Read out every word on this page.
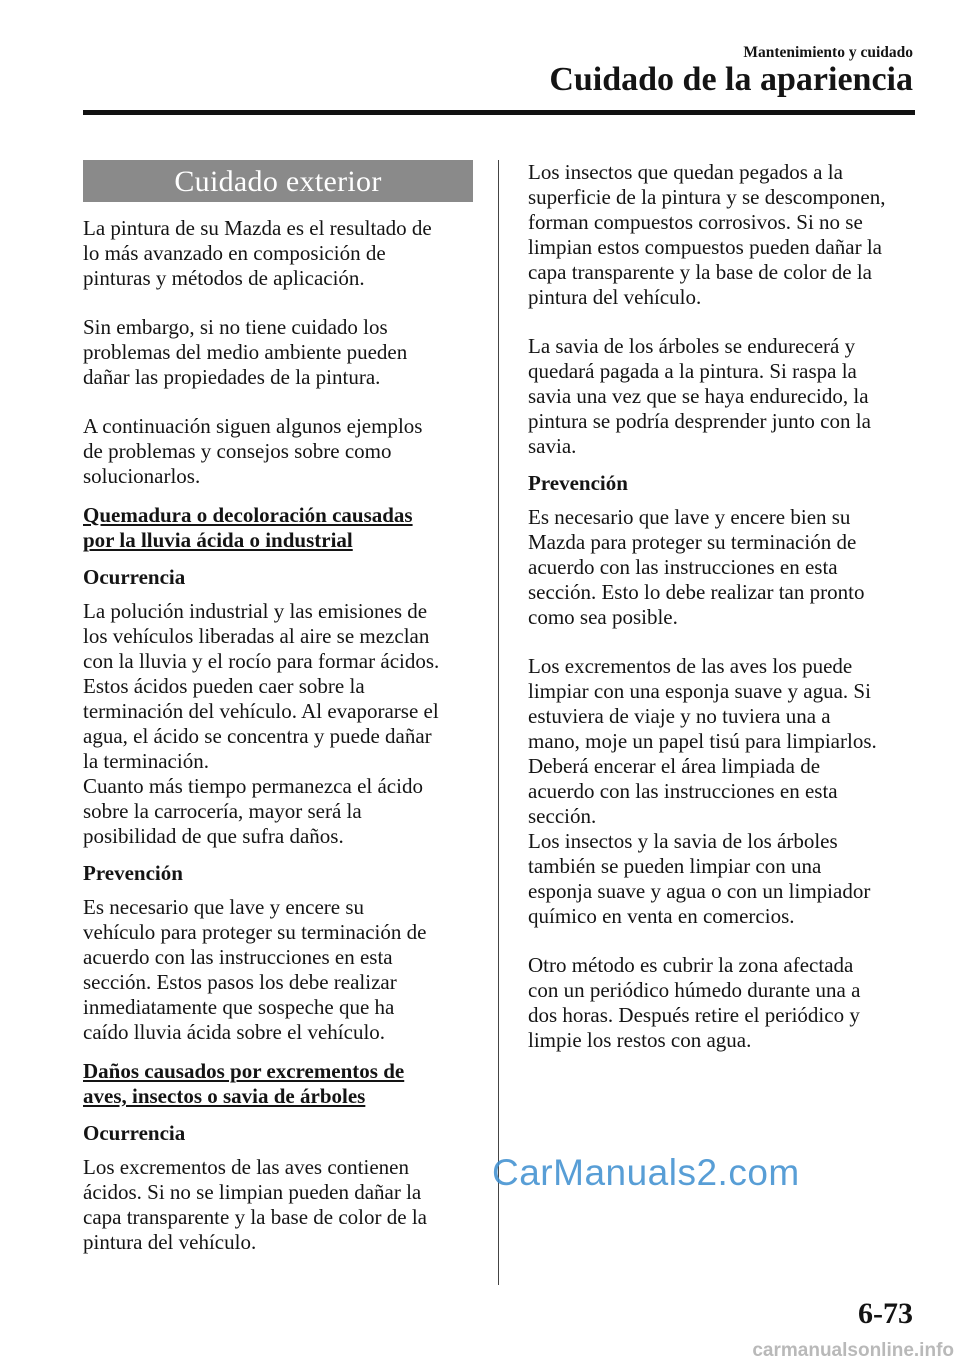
Mantenimiento y cuidado

Cuidado de la apariencia
Cuidado exterior

La pintura de su Mazda es el resultado de
lo más avanzado en composición de
pinturas y métodos de aplicación.

Sin embargo, si no tiene cuidado los
problemas del medio ambiente pueden
dañar las propiedades de la pintura.

A continuación siguen algunos ejemplos
de problemas y consejos sobre como
solucionarlos.

Quemadura o decoloración causadas
por la lluvia ácida o industrial
Ocurrencia

La polución industrial y las emisiones de
los vehículos liberadas al aire se mezclan
con la lluvia y el rocío para formar ácidos.
Estos ácidos pueden caer sobre la
terminación del vehículo. Al evaporarse el
agua, el ácido se concentra y puede dañar
la terminación.
Cuanto más tiempo permanezca el ácido
sobre la carrocería, mayor será la
posibilidad de que sufra daños.

Prevención

Es necesario que lave y encere su
vehículo para proteger su terminación de
acuerdo con las instrucciones en esta
sección. Estos pasos los debe realizar
inmediatamente que sospeche que ha
caído lluvia ácida sobre el vehículo.

Daños causados por excrementos de
aves, insectos o savia de árboles
Ocurrencia

Los excrementos de las aves contienen
ácidos. Si no se limpian pueden dañar la
capa transparente y la base de color de la
pintura del vehículo.

Los insectos que quedan pegados a la
superficie de la pintura y se descomponen,
forman compuestos corrosivos. Si no se
limpian estos compuestos pueden dañar la
capa transparente y la base de color de la
pintura del vehículo.

La savia de los árboles se endurecerá y
quedará pagada a la pintura. Si raspa la
savia una vez que se haya endurecido, la
pintura se podría desprender junto con la
savia.

Prevención

Es necesario que lave y encere bien su
Mazda para proteger su terminación de
acuerdo con las instrucciones en esta
sección. Esto lo debe realizar tan pronto
como sea posible.

Los excrementos de las aves los puede
limpiar con una esponja suave y agua. Si
estuviera de viaje y no tuviera una a
mano, moje un papel tisú para limpiarlos.
Deberá encerar el área limpiada de
acuerdo con las instrucciones en esta
sección.
Los insectos y la savia de los árboles
también se pueden limpiar con una
esponja suave y agua o con un limpiador
químico en venta en comercios.

Otro método es cubrir la zona afectada
con un periódico húmedo durante una a
dos horas. Después retire el periódico y
limpie los restos con agua.

CarManuals2.com

6-73

carmanualsonline.info
